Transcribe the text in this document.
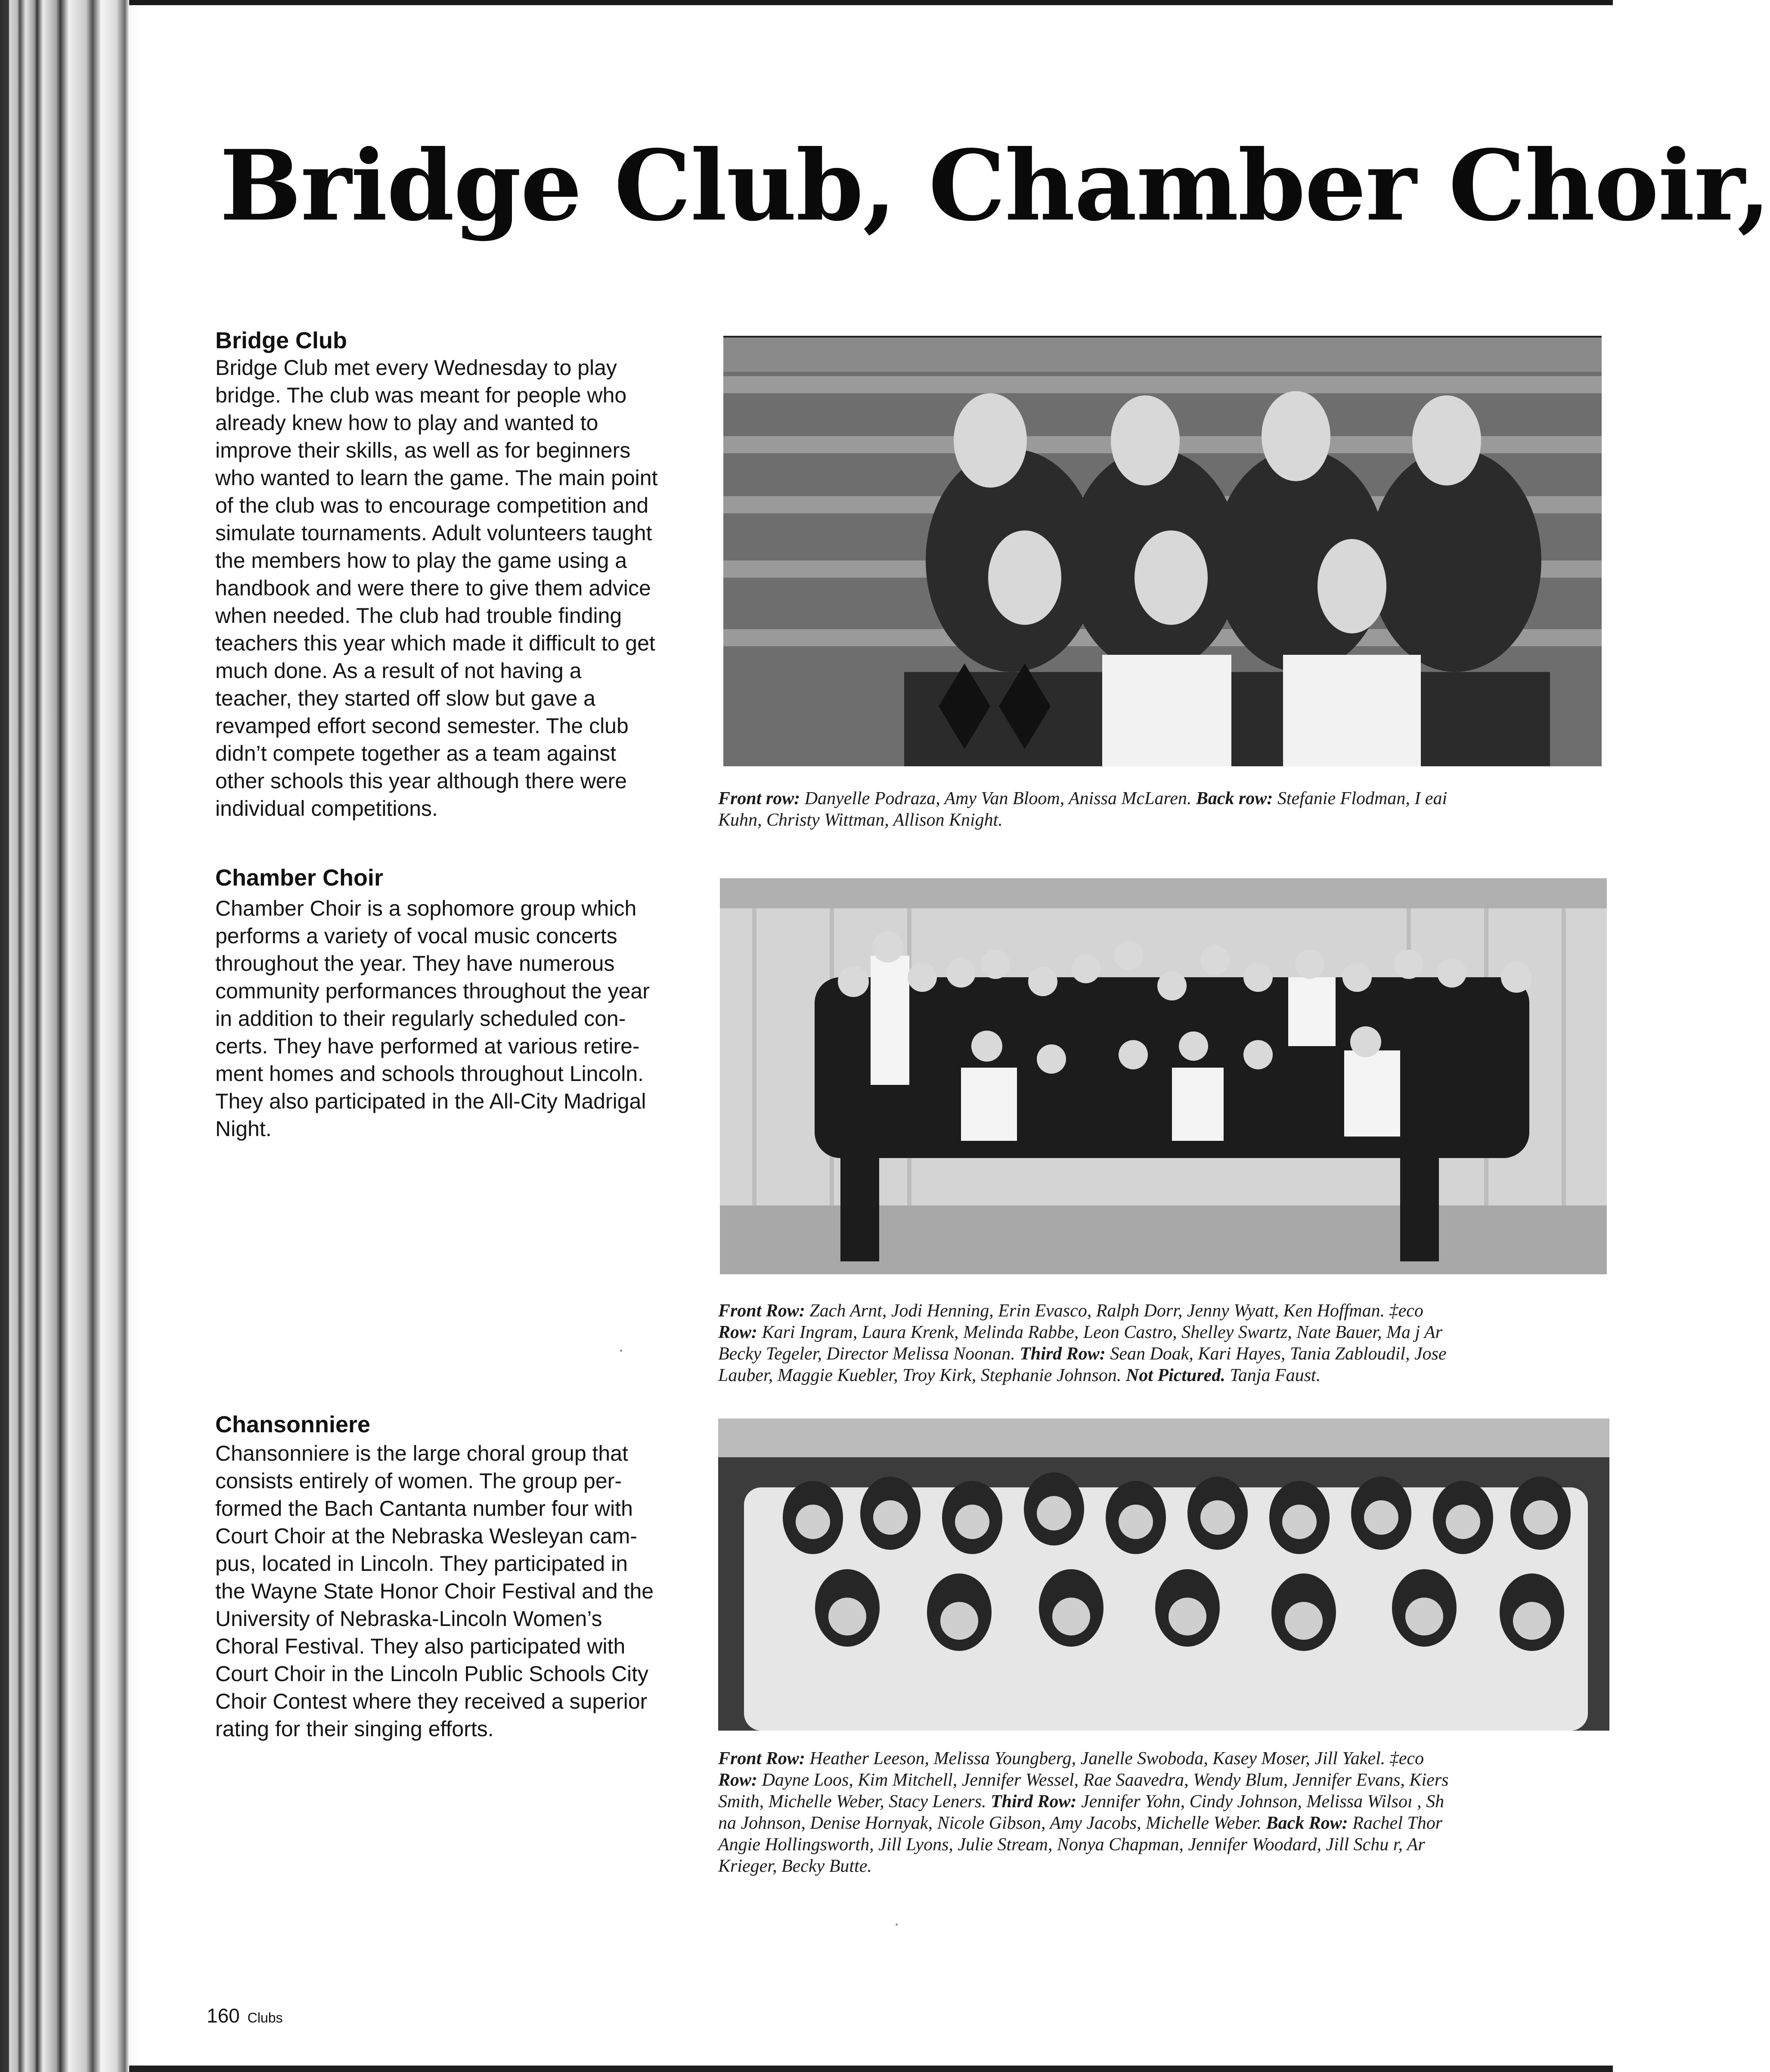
Bridge Club, Chamber Choir,
Bridge Club
Bridge Club met every Wednesday to play
bridge. The club was meant for people who
already knew how to play and wanted to
improve their skills, as well as for beginners
who wanted to learn the game. The main point
of the club was to encourage competition and
simulate tournaments. Adult volunteers taught
the members how to play the game using a
handbook and were there to give them advice
when needed. The club had trouble finding
teachers this year which made it difficult to get
much done. As a result of not having a
teacher, they started off slow but gave a
revamped effort second semester. The club
didn’t compete together as a team against
other schools this year although there were
individual competitions.
Chamber Choir
Chamber Choir is a sophomore group which
performs a variety of vocal music concerts
throughout the year. They have numerous
community performances throughout the year
in addition to their regularly scheduled con-
certs. They have performed at various retire-
ment homes and schools throughout Lincoln.
They also participated in the All-City Madrigal
Night.
Chansonniere
Chansonniere is the large choral group that
consists entirely of women. The group per-
formed the Bach Cantanta number four with
Court Choir at the Nebraska Wesleyan cam-
pus, located in Lincoln. They participated in
the Wayne State Honor Choir Festival and the
University of Nebraska-Lincoln Women’s
Choral Festival. They also participated with
Court Choir in the Lincoln Public Schools City
Choir Contest where they received a superior
rating for their singing efforts.
Front row: Danyelle Podraza, Amy Van Bloom, Anissa McLaren. Back row: Stefanie Flodman, I eai
Kuhn, Christy Wittman, Allison Knight.
Front Row: Zach Arnt, Jodi Henning, Erin Evasco, Ralph Dorr, Jenny Wyatt, Ken Hoffman. ‡eco
Row: Kari Ingram, Laura Krenk, Melinda Rabbe, Leon Castro, Shelley Swartz, Nate Bauer, Ma j Ar
Becky Tegeler, Director Melissa Noonan. Third Row: Sean Doak, Kari Hayes, Tania Zabloudil, Jose
Lauber, Maggie Kuebler, Troy Kirk, Stephanie Johnson. Not Pictured. Tanja Faust.
Front Row: Heather Leeson, Melissa Youngberg, Janelle Swoboda, Kasey Moser, Jill Yakel. ‡eco
Row: Dayne Loos, Kim Mitchell, Jennifer Wessel, Rae Saavedra, Wendy Blum, Jennifer Evans, Kiers
Smith, Michelle Weber, Stacy Leners. Third Row: Jennifer Yohn, Cindy Johnson, Melissa Wilsoı , Sh
na Johnson, Denise Hornyak, Nicole Gibson, Amy Jacobs, Michelle Weber. Back Row: Rachel Thor
Angie Hollingsworth, Jill Lyons, Julie Stream, Nonya Chapman, Jennifer Woodard, Jill Schu r, Ar
Krieger, Becky Butte.
160 Clubs
